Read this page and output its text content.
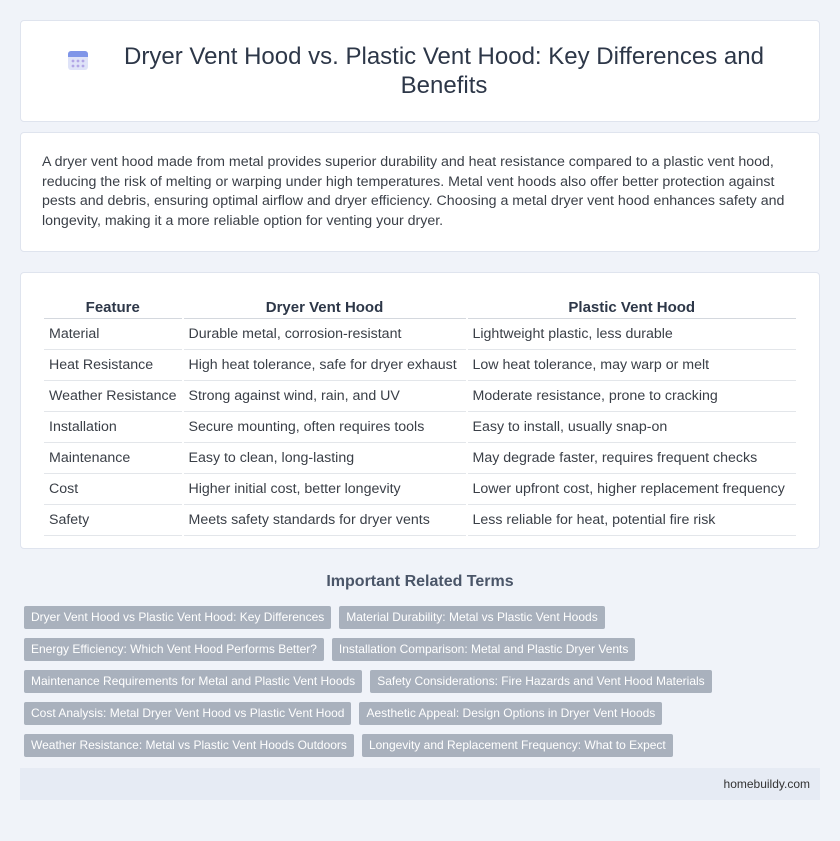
Dryer Vent Hood vs. Plastic Vent Hood: Key Differences and Benefits

A dryer vent hood made from metal provides superior durability and heat resistance compared to a plastic vent hood, reducing the risk of melting or warping under high temperatures. Metal vent hoods also offer better protection against pests and debris, ensuring optimal airflow and dryer efficiency. Choosing a metal dryer vent hood enhances safety and longevity, making it a more reliable option for venting your dryer.

Feature	Dryer Vent Hood	Plastic Vent Hood
Material	Durable metal, corrosion-resistant	Lightweight plastic, less durable
Heat Resistance	High heat tolerance, safe for dryer exhaust	Low heat tolerance, may warp or melt
Weather Resistance	Strong against wind, rain, and UV	Moderate resistance, prone to cracking
Installation	Secure mounting, often requires tools	Easy to install, usually snap-on
Maintenance	Easy to clean, long-lasting	May degrade faster, requires frequent checks
Cost	Higher initial cost, better longevity	Lower upfront cost, higher replacement frequency
Safety	Meets safety standards for dryer vents	Less reliable for heat, potential fire risk
Important Related Terms
Dryer Vent Hood vs Plastic Vent Hood: Key Differences	Material Durability: Metal vs Plastic Vent Hoods
Energy Efficiency: Which Vent Hood Performs Better?	Installation Comparison: Metal and Plastic Dryer Vents
Maintenance Requirements for Metal and Plastic Vent Hoods	Safety Considerations: Fire Hazards and Vent Hood Materials
Cost Analysis: Metal Dryer Vent Hood vs Plastic Vent Hood	Aesthetic Appeal: Design Options in Dryer Vent Hoods
Weather Resistance: Metal vs Plastic Vent Hoods Outdoors	Longevity and Replacement Frequency: What to Expect
homebuildy.com
